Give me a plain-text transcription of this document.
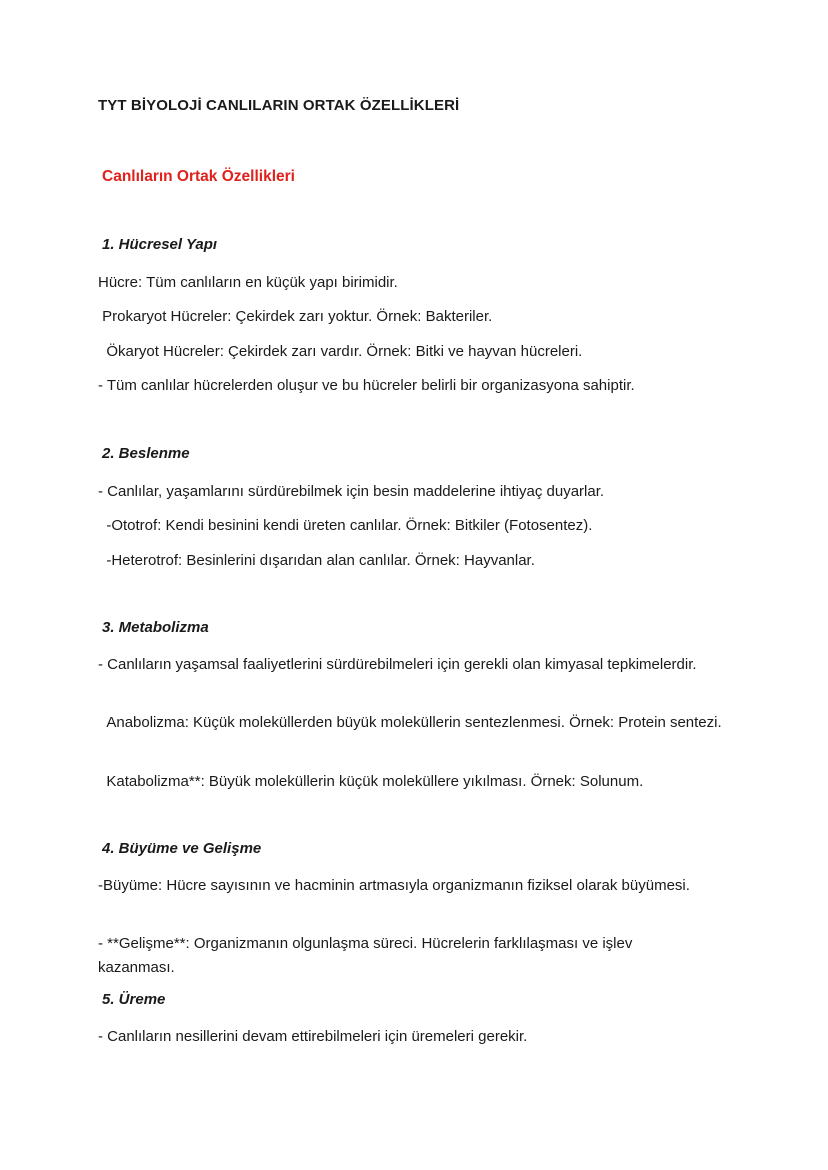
TYT BİYOLOJİ CANLILARIN ORTAK ÖZELLİKLERİ
Canlıların Ortak Özellikleri
1. Hücresel Yapı
Hücre: Tüm canlıların en küçük yapı birimidir.
Prokaryot Hücreler: Çekirdek zarı yoktur. Örnek: Bakteriler.
Ökaryot Hücreler: Çekirdek zarı vardır. Örnek: Bitki ve hayvan hücreleri.
- Tüm canlılar hücrelerden oluşur ve bu hücreler belirli bir organizasyona sahiptir.
2. Beslenme
- Canlılar, yaşamlarını sürdürebilmek için besin maddelerine ihtiyaç duyarlar.
-Ototrof: Kendi besinini kendi üreten canlılar. Örnek: Bitkiler (Fotosentez).
-Heterotrof: Besinlerini dışarıdan alan canlılar. Örnek: Hayvanlar.
3. Metabolizma
- Canlıların yaşamsal faaliyetlerini sürdürebilmeleri için gerekli olan kimyasal tepkimelerdir.
Anabolizma: Küçük moleküllerden büyük moleküllerin sentezlenmesi. Örnek: Protein sentezi.
Katabolizma**: Büyük moleküllerin küçük moleküllere yıkılması. Örnek: Solunum.
4. Büyüme ve Gelişme
-Büyüme: Hücre sayısının ve hacminin artmasıyla organizmanın fiziksel olarak büyümesi.
- **Gelişme**: Organizmanın olgunlaşma süreci. Hücrelerin farklılaşması ve işlev kazanması.
5. Üreme
- Canlıların nesillerini devam ettirebilmeleri için üremeleri gerekir.
